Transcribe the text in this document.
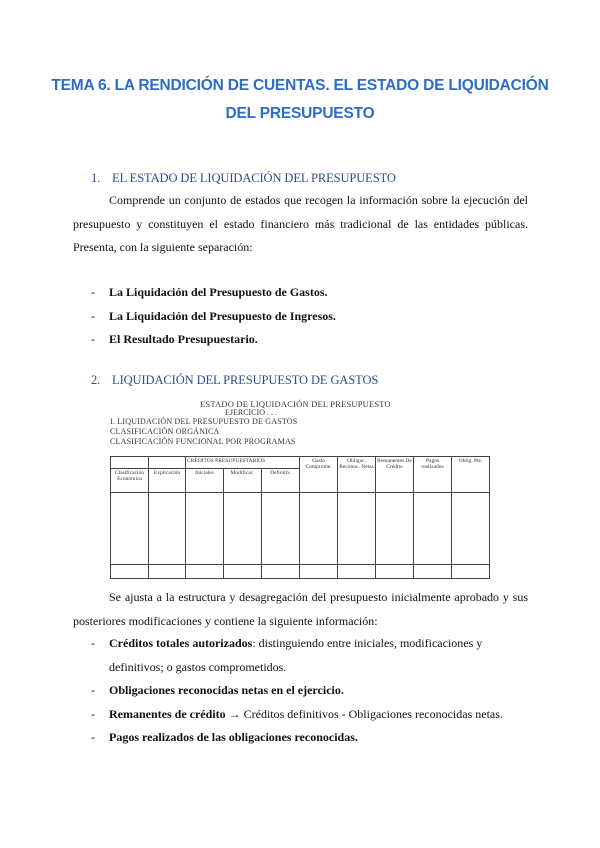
TEMA 6. LA RENDICIÓN DE CUENTAS. EL ESTADO DE LIQUIDACIÓN
DEL PRESUPUESTO
1. EL ESTADO DE LIQUIDACIÓN DEL PRESUPUESTO
Comprende un conjunto de estados que recogen la información sobre la ejecución del presupuesto y constituyen el estado financiero más tradicional de las entidades públicas. Presenta, con la siguiente separación:
- La Liquidación del Presupuesto de Gastos.
- La Liquidación del Presupuesto de Ingresos.
- El Resultado Presupuestario.
2. LIQUIDACIÓN DEL PRESUPUESTO DE GASTOS
ESTADO DE LIQUIDACIÓN DEL PRESUPUESTO
EJERCICIO . . .
I. LIQUIDACIÓN DEL PRESUPUESTO DE GASTOS
CLASIFICACIÓN ORGÁNICA
CLASIFICACIÓN FUNCIONAL POR PROGRAMAS
		CRÉDITOS PRESUPUESTARIOS			Gasto Comprome.	Obligac. Reconoc. Netas	Remanentes De Crédito	Pagos realizados	Oblig. Pte.
Clasificación Económica	Explicación	Iniciales	Modificac.	Definitiv.					

Se ajusta a la estructura y desagregación del presupuesto inicialmente aprobado y sus posteriores modificaciones y contiene la siguiente información:
- Créditos totales autorizados: distinguiendo entre iniciales, modificaciones y definitivos; o gastos comprometidos.
- Obligaciones reconocidas netas en el ejercicio.
- Remanentes de crédito → Créditos definitivos - Obligaciones reconocidas netas.
- Pagos realizados de las obligaciones reconocidas.
